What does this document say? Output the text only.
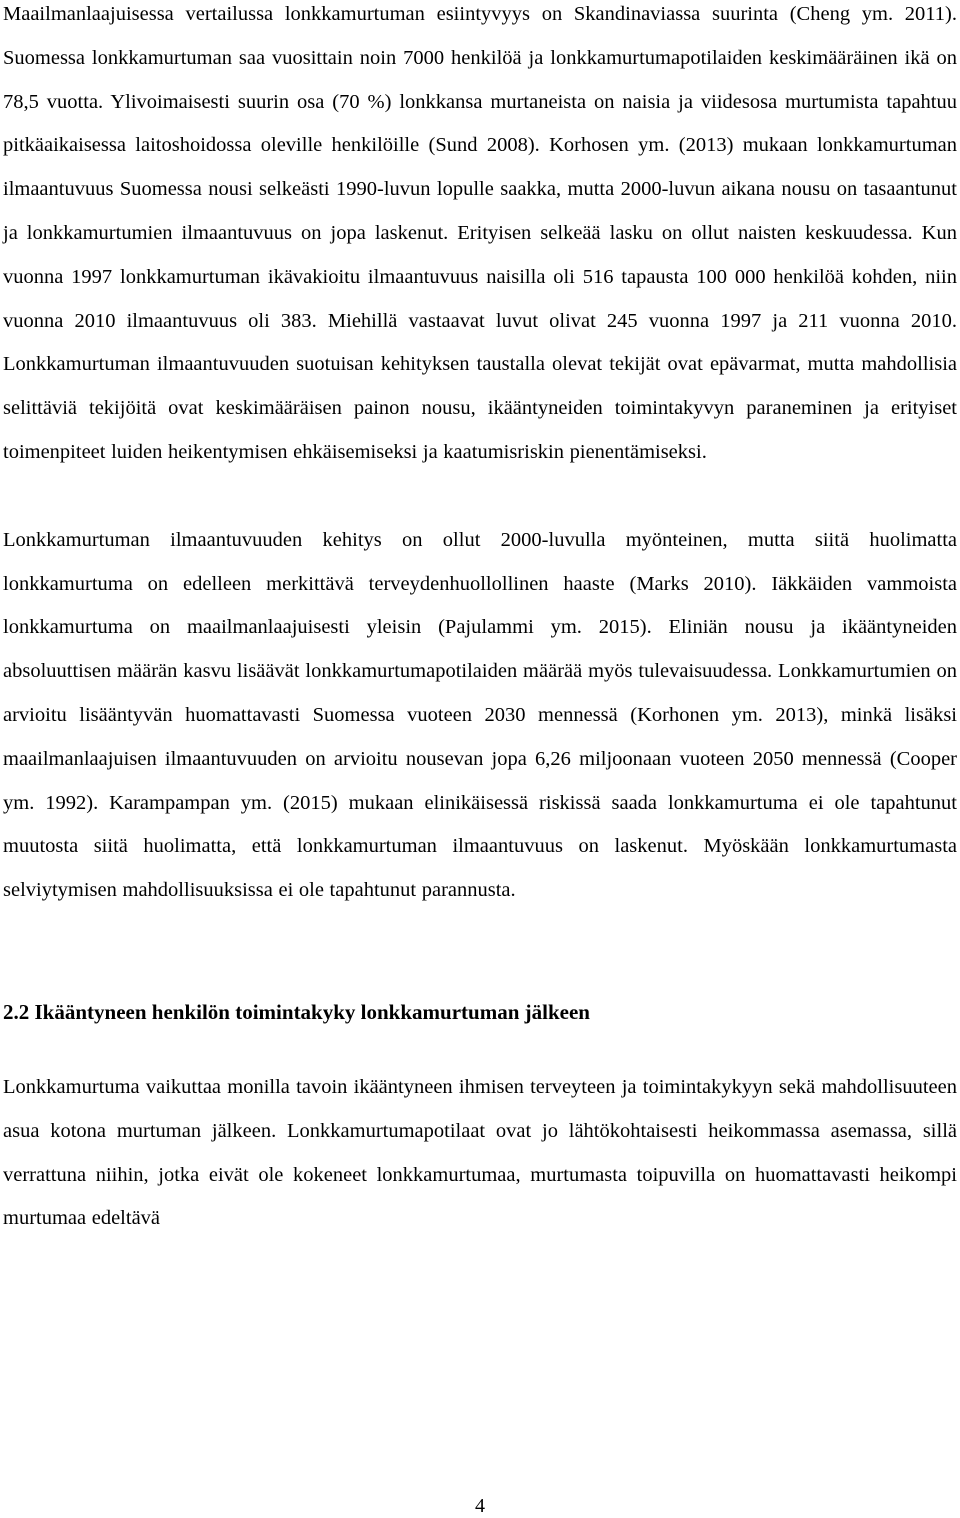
Maailmanlaajuisessa vertailussa lonkkamurtuman esiintyvyys on Skandinaviassa suurinta (Cheng ym. 2011). Suomessa lonkkamurtuman saa vuosittain noin 7000 henkilöä ja lonkkamurtumapotilaiden keskimääräinen ikä on 78,5 vuotta. Ylivoimaisesti suurin osa (70 %) lonkkansa murtaneista on naisia ja viidesosa murtumista tapahtuu pitkäaikaisessa laitoshoidossa oleville henkilöille (Sund 2008). Korhosen ym. (2013) mukaan lonkkamurtuman ilmaantuvuus Suomessa nousi selkeästi 1990-luvun lopulle saakka, mutta 2000-luvun aikana nousu on tasaantunut ja lonkkamurtumien ilmaantuvuus on jopa laskenut. Erityisen selkeää lasku on ollut naisten keskuudessa. Kun vuonna 1997 lonkkamurtuman ikävakioitu ilmaantuvuus naisilla oli 516 tapausta 100 000 henkilöä kohden, niin vuonna 2010 ilmaantuvuus oli 383. Miehillä vastaavat luvut olivat 245 vuonna 1997 ja 211 vuonna 2010. Lonkkamurtuman ilmaantuvuuden suotuisan kehityksen taustalla olevat tekijät ovat epävarmat, mutta mahdollisia selittäviä tekijöitä ovat keskimääräisen painon nousu, ikääntyneiden toimintakyvyn paraneminen ja erityiset toimenpiteet luiden heikentymisen ehkäisemiseksi ja kaatumisriskin pienentämiseksi.

Lonkkamurtuman ilmaantuvuuden kehitys on ollut 2000-luvulla myönteinen, mutta siitä huolimatta lonkkamurtuma on edelleen merkittävä terveydenhuollollinen haaste (Marks 2010). Iäkkäiden vammoista lonkkamurtuma on maailmanlaajuisesti yleisin (Pajulammi ym. 2015). Eliniän nousu ja ikääntyneiden absoluuttisen määrän kasvu lisäävät lonkkamurtumapotilaiden määrää myös tulevaisuudessa. Lonkkamurtumien on arvioitu lisääntyvän huomattavasti Suomessa vuoteen 2030 mennessä (Korhonen ym. 2013), minkä lisäksi maailmanlaajuisen ilmaantuvuuden on arvioitu nousevan jopa 6,26 miljoonaan vuoteen 2050 mennessä (Cooper ym. 1992). Karampampan ym. (2015) mukaan elinikäisessä riskissä saada lonkkamurtuma ei ole tapahtunut muutosta siitä huolimatta, että lonkkamurtuman ilmaantuvuus on laskenut. Myöskään lonkkamurtumasta selviytymisen mahdollisuuksissa ei ole tapahtunut parannusta.

2.2 Ikääntyneen henkilön toimintakyky lonkkamurtuman jälkeen

Lonkkamurtuma vaikuttaa monilla tavoin ikääntyneen ihmisen terveyteen ja toimintakykyyn sekä mahdollisuuteen asua kotona murtuman jälkeen. Lonkkamurtumapotilaat ovat jo lähtökohtaisesti heikommassa asemassa, sillä verrattuna niihin, jotka eivät ole kokeneet lonkkamurtumaa, murtumasta toipuvilla on huomattavasti heikompi murtumaa edeltävä

4
